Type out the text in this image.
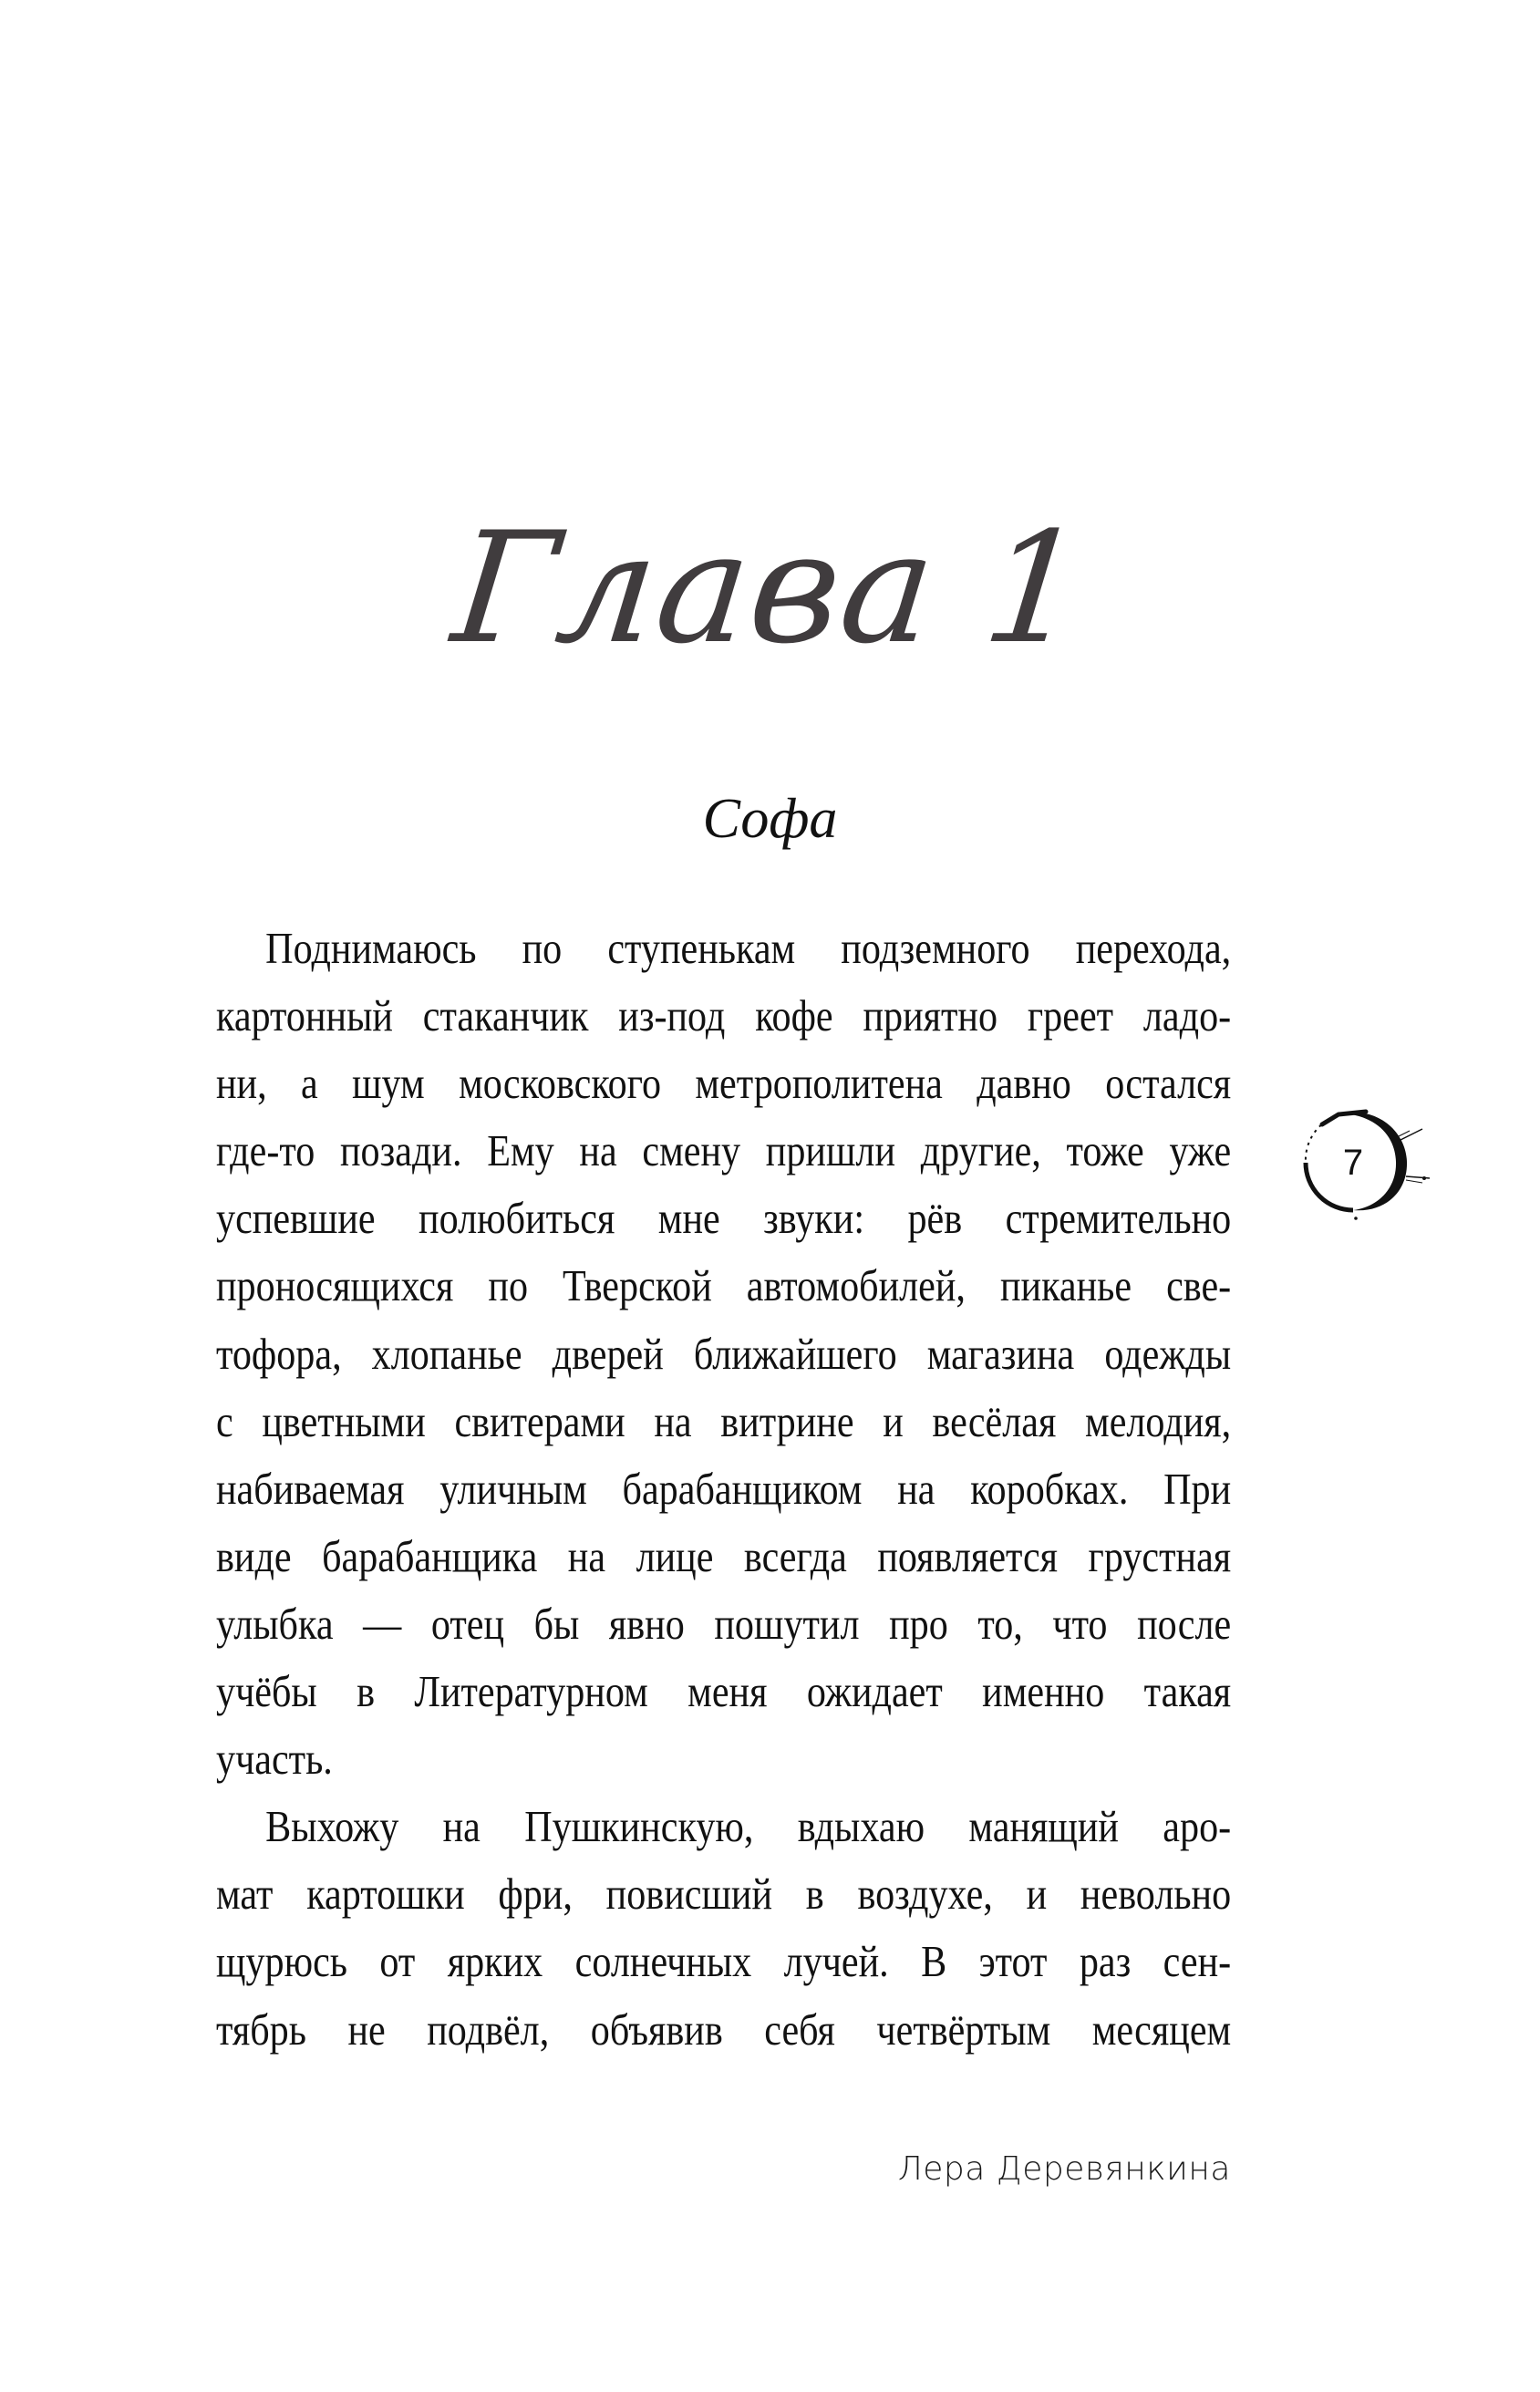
Глава 1
Софа
Поднимаюсь по ступенькам подземного перехода,
картонный стаканчик из-под кофе приятно греет ладо-
ни, а шум московского метрополитена давно остался
где-то позади. Ему на смену пришли другие, тоже уже
успевшие полюбиться мне звуки: рёв стремительно
проносящихся по Тверской автомобилей, пиканье све-
тофора, хлопанье дверей ближайшего магазина одежды
с цветными свитерами на витрине и весёлая мелодия,
набиваемая уличным барабанщиком на коробках. При
виде барабанщика на лице всегда появляется грустная
улыбка — отец бы явно пошутил про то, что после
учёбы в Литературном меня ожидает именно такая
участь.
Выхожу на Пушкинскую, вдыхаю манящий аро-
мат картошки фри, повисший в воздухе, и невольно
щурюсь от ярких солнечных лучей. В этот раз сен-
тябрь не подвёл, объявив себя четвёртым месяцем
7
Лера Деревянкина
